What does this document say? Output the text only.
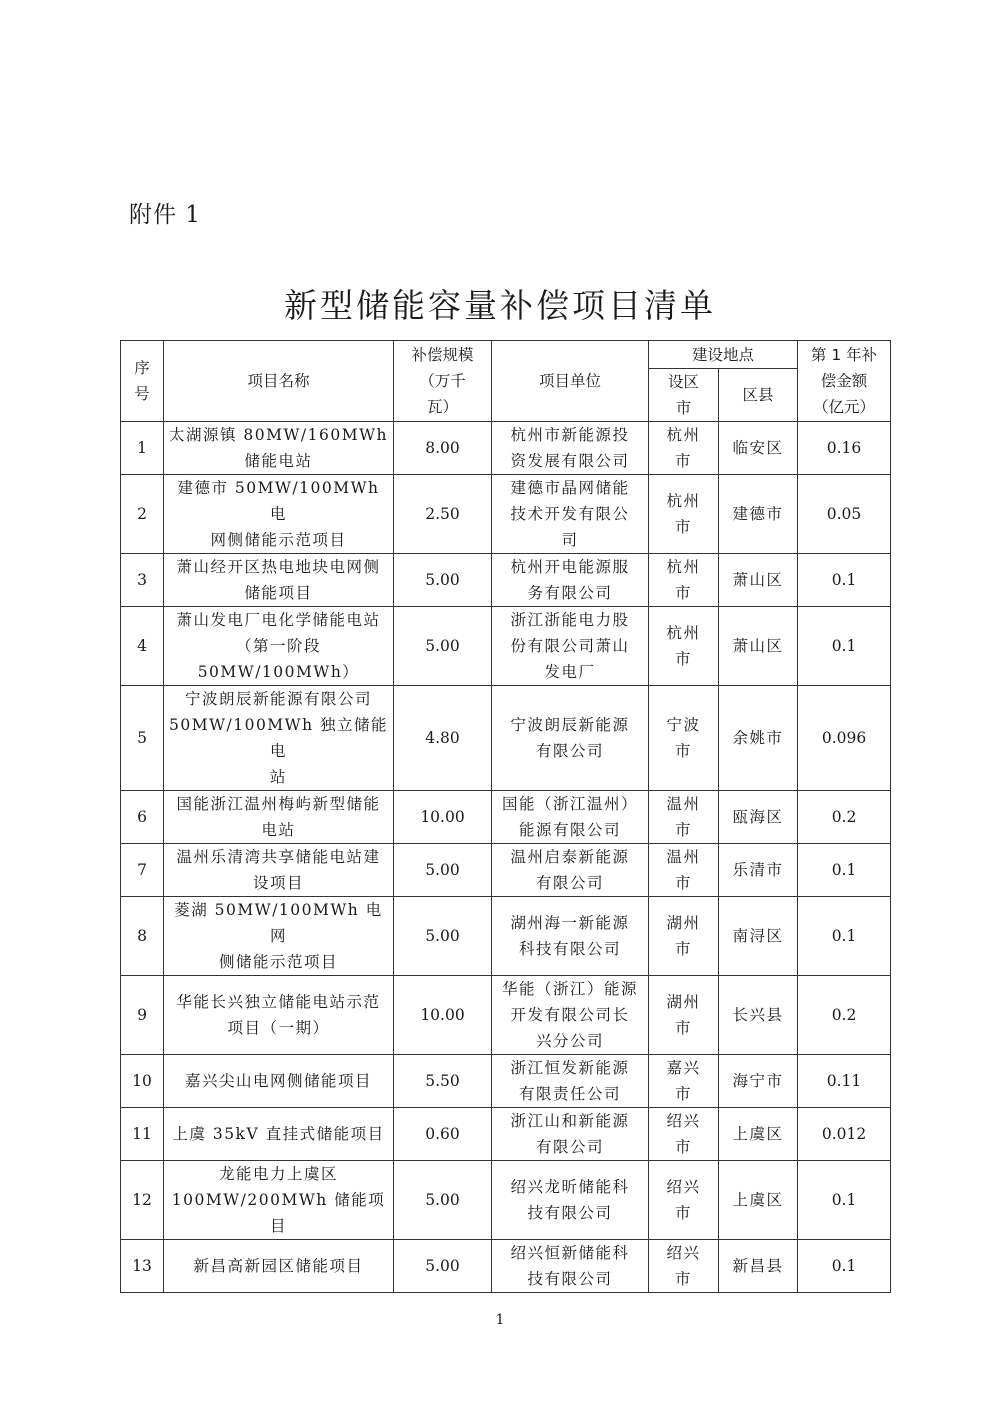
附件 1
新型储能容量补偿项目清单
序
号	项目名称	补偿规模
（万千
瓦）	项目单位	建设地点		第 1 年补
偿金额
（亿元）
				设区
市	区县	
1	太湖源镇 80MW/160MWh
储能电站	8.00	杭州市新能源投
资发展有限公司	杭州
市	临安区	0.16
2	建德市 50MW/100MWh 电
网侧储能示范项目	2.50	建德市晶网储能
技术开发有限公
司	杭州
市	建德市	0.05
3	萧山经开区热电地块电网侧
储能项目	5.00	杭州开电能源服
务有限公司	杭州
市	萧山区	0.1
4	萧山发电厂电化学储能电站
（第一阶段
50MW/100MWh）	5.00	浙江浙能电力股
份有限公司萧山
发电厂	杭州
市	萧山区	0.1
5	宁波朗辰新能源有限公司
50MW/100MWh 独立储能电
站	4.80	宁波朗辰新能源
有限公司	宁波
市	余姚市	0.096
6	国能浙江温州梅屿新型储能
电站	10.00	国能（浙江温州）
能源有限公司	温州
市	瓯海区	0.2
7	温州乐清湾共享储能电站建
设项目	5.00	温州启泰新能源
有限公司	温州
市	乐清市	0.1
8	菱湖 50MW/100MWh 电网
侧储能示范项目	5.00	湖州海一新能源
科技有限公司	湖州
市	南浔区	0.1
9	华能长兴独立储能电站示范
项目（一期）	10.00	华能（浙江）能源
开发有限公司长
兴分公司	湖州
市	长兴县	0.2
10	嘉兴尖山电网侧储能项目	5.50	浙江恒发新能源
有限责任公司	嘉兴
市	海宁市	0.11
11	上虞 35kV 直挂式储能项目	0.60	浙江山和新能源
有限公司	绍兴
市	上虞区	0.012
12	龙能电力上虞区
100MW/200MWh 储能项目	5.00	绍兴龙昕储能科
技有限公司	绍兴
市	上虞区	0.1
13	新昌高新园区储能项目	5.00	绍兴恒新储能科
技有限公司	绍兴
市	新昌县	0.1
1
